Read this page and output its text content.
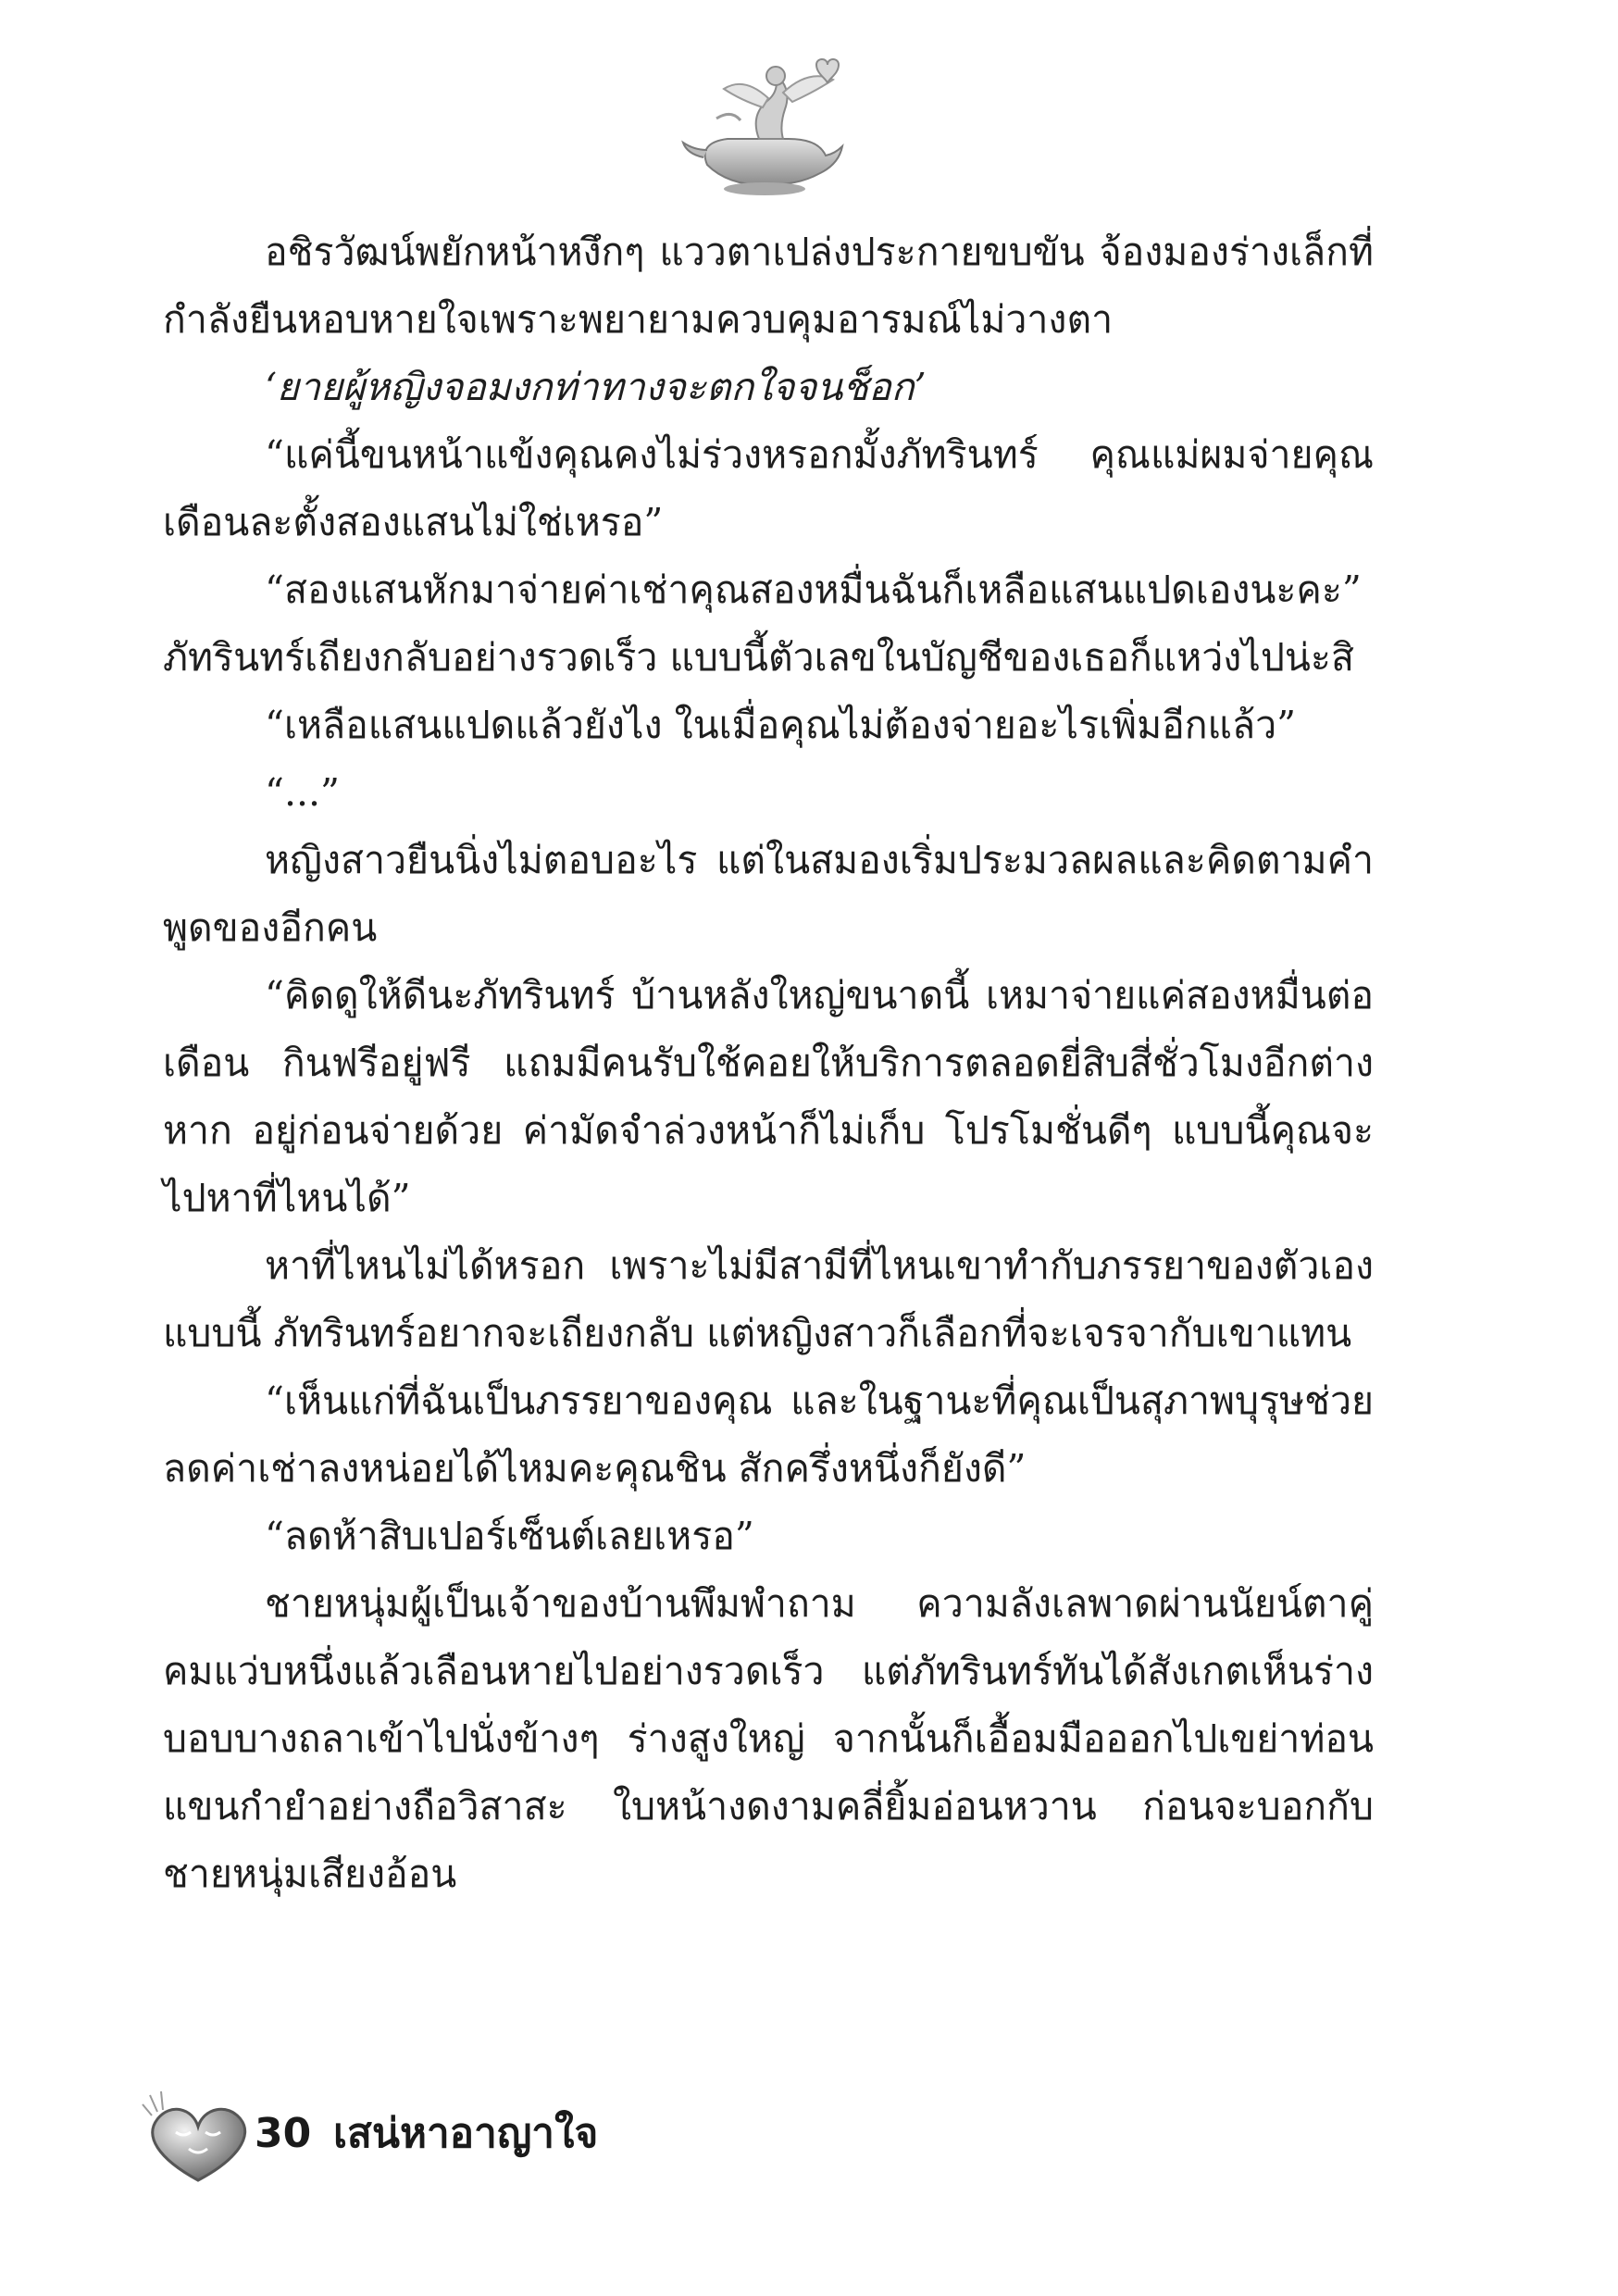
อชิรวัฒน์พยักหน้าหงึกๆ แววตาเปล่งประกายขบขัน จ้องมองร่างเล็กที่กำลังยืนหอบหายใจเพราะพยายามควบคุมอารมณ์ไม่วางตา

‘ยายผู้หญิงจอมงกท่าทางจะตกใจจนช็อก’

“แค่นี้ขนหน้าแข้งคุณคงไม่ร่วงหรอกมั้งภัทรินทร์ คุณแม่ผมจ่ายคุณเดือนละตั้งสองแสนไม่ใช่เหรอ”

“สองแสนหักมาจ่ายค่าเช่าคุณสองหมื่นฉันก็เหลือแสนแปดเองนะคะ” ภัทรินทร์เถียงกลับอย่างรวดเร็ว แบบนี้ตัวเลขในบัญชีของเธอก็แหว่งไปน่ะสิ

“เหลือแสนแปดแล้วยังไง ในเมื่อคุณไม่ต้องจ่ายอะไรเพิ่มอีกแล้ว”

“...”

หญิงสาวยืนนิ่งไม่ตอบอะไร แต่ในสมองเริ่มประมวลผลและคิดตามคำพูดของอีกคน

“คิดดูให้ดีนะภัทรินทร์ บ้านหลังใหญ่ขนาดนี้ เหมาจ่ายแค่สองหมื่นต่อเดือน กินฟรีอยู่ฟรี แถมมีคนรับใช้คอยให้บริการตลอดยี่สิบสี่ชั่วโมงอีกต่างหาก อยู่ก่อนจ่ายด้วย ค่ามัดจำล่วงหน้าก็ไม่เก็บ โปรโมชั่นดีๆ แบบนี้คุณจะไปหาที่ไหนได้”

หาที่ไหนไม่ได้หรอก เพราะไม่มีสามีที่ไหนเขาทำกับภรรยาของตัวเองแบบนี้ ภัทรินทร์อยากจะเถียงกลับ แต่หญิงสาวก็เลือกที่จะเจรจากับเขาแทน

“เห็นแก่ที่ฉันเป็นภรรยาของคุณ และในฐานะที่คุณเป็นสุภาพบุรุษช่วยลดค่าเช่าลงหน่อยได้ไหมคะคุณชิน สักครึ่งหนึ่งก็ยังดี”

“ลดห้าสิบเปอร์เซ็นต์เลยเหรอ”

ชายหนุ่มผู้เป็นเจ้าของบ้านพึมพำถาม ความลังเลพาดผ่านนัยน์ตาคู่คมแว่บหนึ่งแล้วเลือนหายไปอย่างรวดเร็ว แต่ภัทรินทร์ทันได้สังเกตเห็นร่างบอบบางถลาเข้าไปนั่งข้างๆ ร่างสูงใหญ่ จากนั้นก็เอื้อมมือออกไปเขย่าท่อนแขนกำยำอย่างถือวิสาสะ ใบหน้างดงามคลี่ยิ้มอ่อนหวาน ก่อนจะบอกกับชายหนุ่มเสียงอ้อน

30 เสน่หาอาญาใจ
